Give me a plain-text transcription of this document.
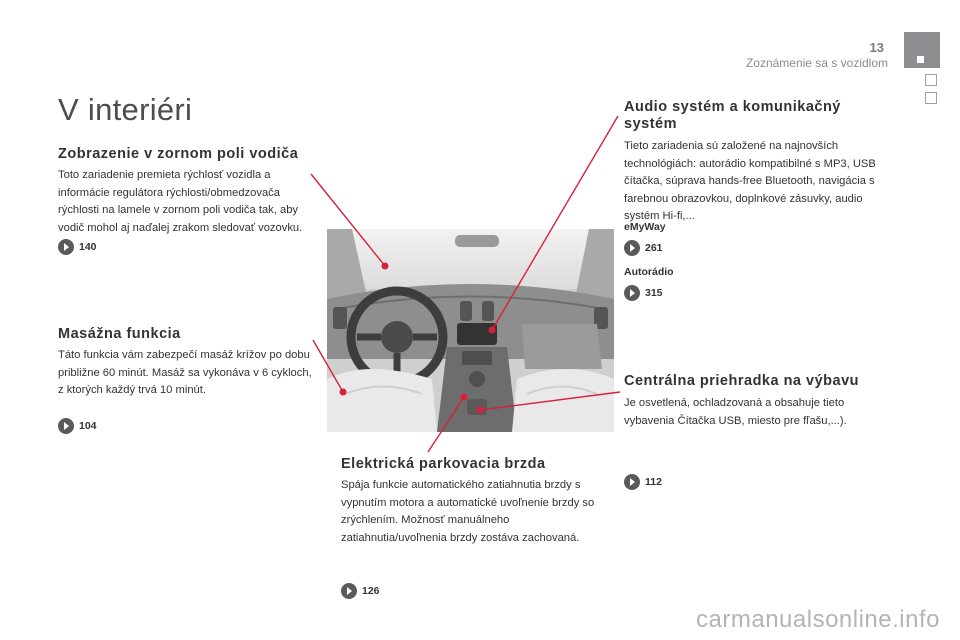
13
Zoznámenie sa s vozidlom
V interiéri
Zobrazenie v zornom poli vodiča

Toto zariadenie premieta rýchlosť vozidla a informácie regulátora rýchlosti/obmedzovača rýchlosti na lamele v zornom poli vodiča tak, aby vodič mohol aj naďalej zrakom sledovať vozovku.

140
Masážna funkcia

Táto funkcia vám zabezpečí masáž krížov po dobu približne 60 minút. Masáž sa vykonáva v 6 cykloch, z ktorých každý trvá 10 minút.

104
Elektrická parkovacia brzda

Spája funkcie automatického zatiahnutia brzdy s vypnutím motora a automatické uvoľnenie brzdy so zrýchlením. Možnosť manuálneho zatiahnutia/uvoľnenia brzdy zostáva zachovaná.

126
Audio systém a komunikačný systém

Tieto zariadenia sú založené na najnovších technológiách: autorádio kompatibilné s MP3, USB čítačka, súprava hands-free Bluetooth, navigácia s farebnou obrazovkou, doplnkové zásuvky, audio systém Hi-fi,...

eMyWay
261
Autorádio
315
Centrálna priehradka na výbavu

Je osvetlená, ochladzovaná a obsahuje tieto vybavenia Čítačka USB, miesto pre fľašu,...).

112
carmanualsonline.info
